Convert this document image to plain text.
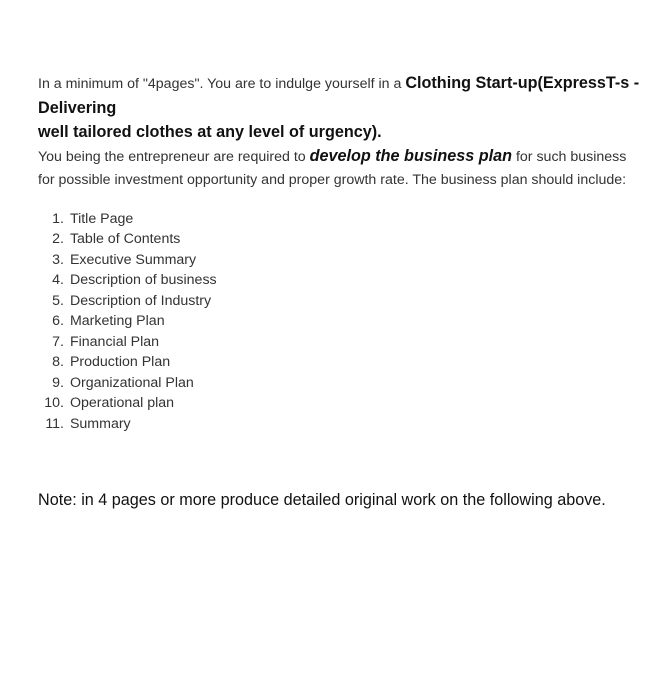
In a minimum of "4pages". You are to indulge yourself in a Clothing Start-up(ExpressT-s - Delivering
well tailored clothes at any level of urgency).
You being the entrepreneur are required to develop the business plan for such business for possible investment opportunity and proper growth rate. The business plan should include:

1.
Title Page
2.
Table of Contents
3.
Executive Summary
4.
Description of business
5.
Description of Industry
6.
Marketing Plan
7.
Financial Plan
8.
Production Plan
9.
Organizational Plan
10.
Operational plan
11.
Summary

Note: in 4 pages or more produce detailed original work on the following above.
